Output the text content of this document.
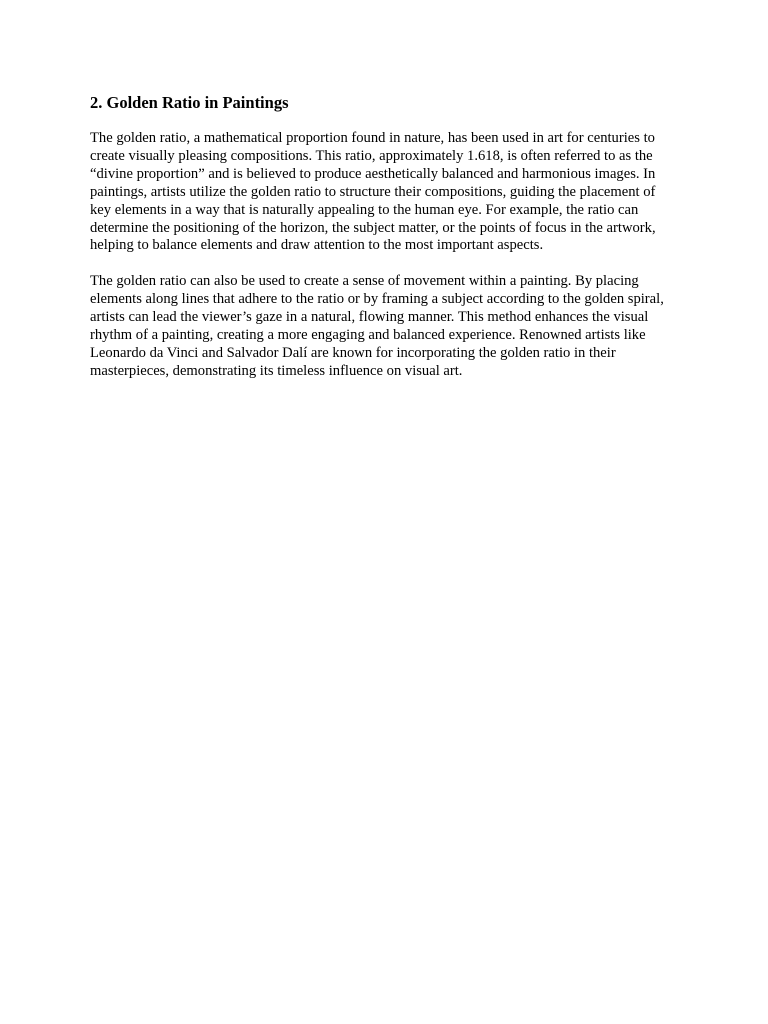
2. Golden Ratio in Paintings

The golden ratio, a mathematical proportion found in nature, has been used in art for centuries to create visually pleasing compositions. This ratio, approximately 1.618, is often referred to as the “divine proportion” and is believed to produce aesthetically balanced and harmonious images. In paintings, artists utilize the golden ratio to structure their compositions, guiding the placement of key elements in a way that is naturally appealing to the human eye. For example, the ratio can determine the positioning of the horizon, the subject matter, or the points of focus in the artwork, helping to balance elements and draw attention to the most important aspects.

The golden ratio can also be used to create a sense of movement within a painting. By placing elements along lines that adhere to the ratio or by framing a subject according to the golden spiral, artists can lead the viewer’s gaze in a natural, flowing manner. This method enhances the visual rhythm of a painting, creating a more engaging and balanced experience. Renowned artists like Leonardo da Vinci and Salvador Dalí are known for incorporating the golden ratio in their masterpieces, demonstrating its timeless influence on visual art.
